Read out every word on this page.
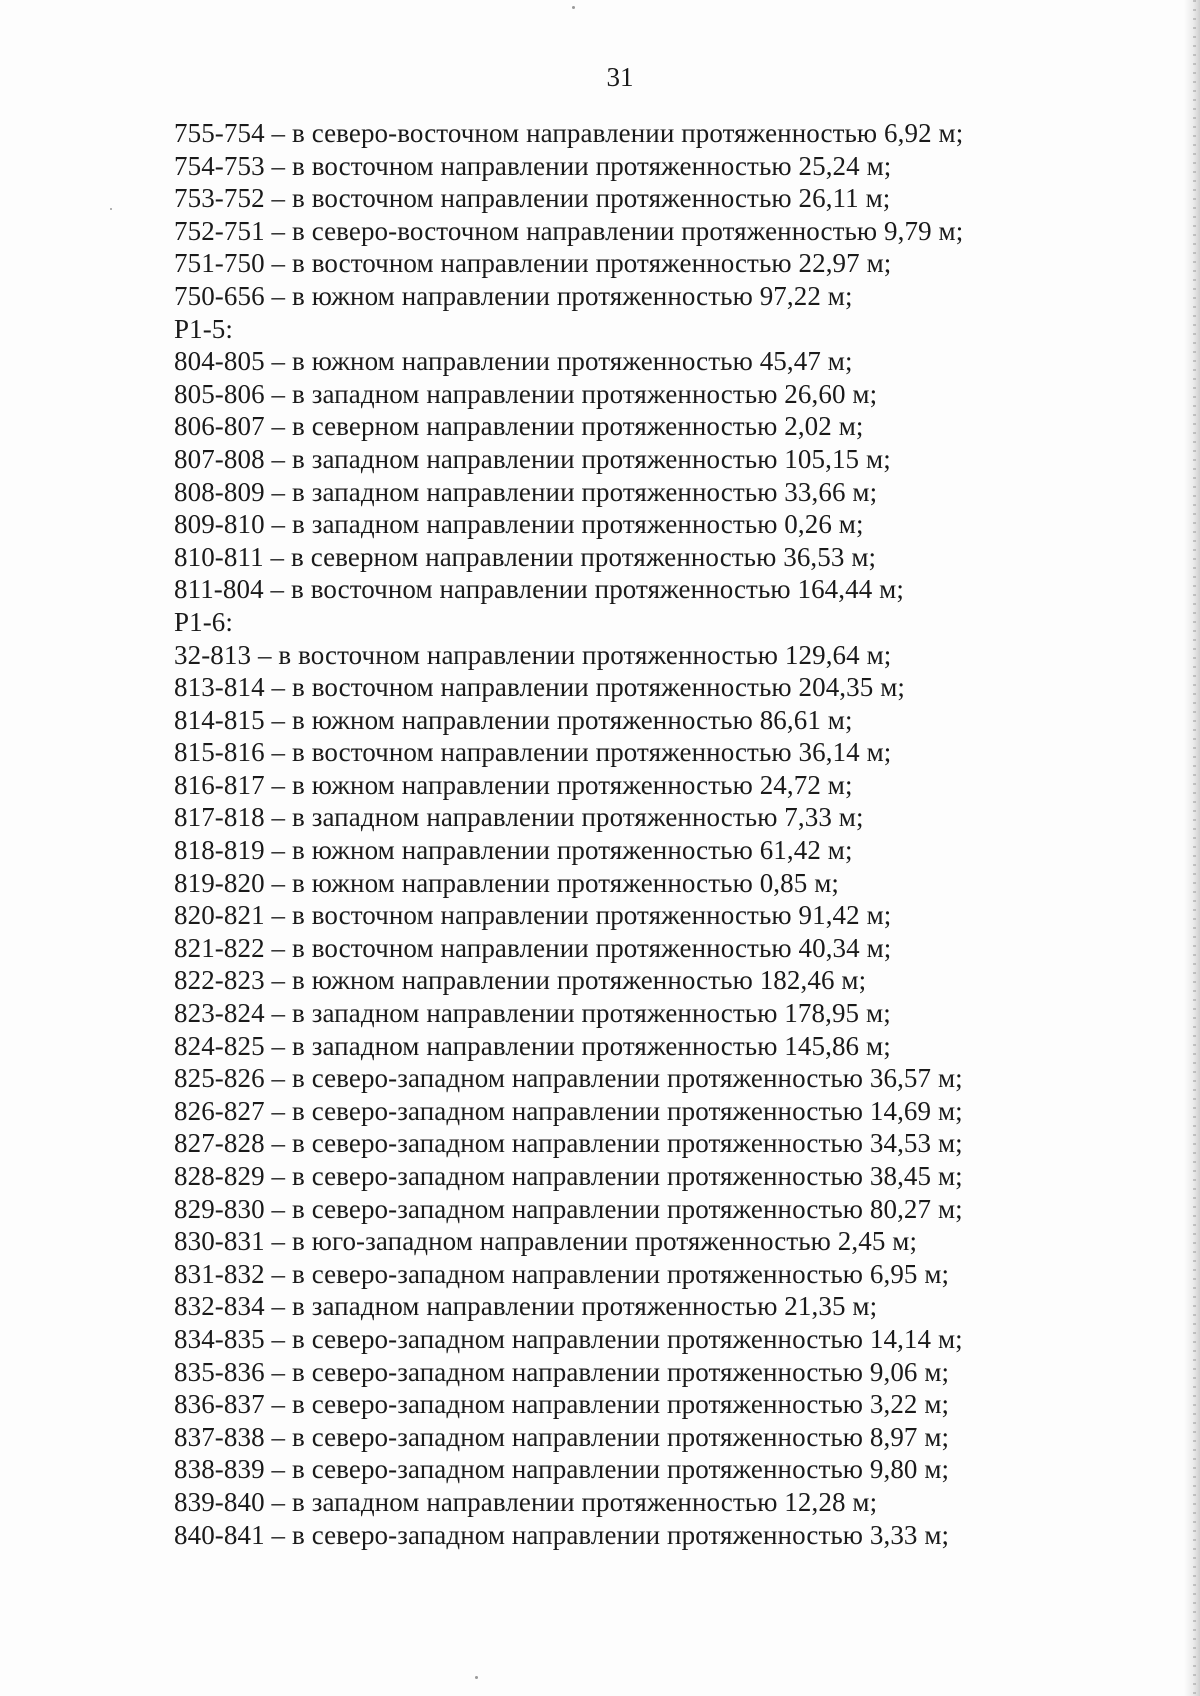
31
755-754 – в северо-восточном направлении протяженностью 6,92 м;
754-753 – в восточном направлении протяженностью 25,24 м;
753-752 – в восточном направлении протяженностью 26,11 м;
752-751 – в северо-восточном направлении протяженностью 9,79 м;
751-750 – в восточном направлении протяженностью 22,97 м;
750-656 – в южном направлении протяженностью 97,22 м;
Р1-5:
804-805 – в южном направлении протяженностью 45,47 м;
805-806 – в западном направлении протяженностью 26,60 м;
806-807 – в северном направлении протяженностью 2,02 м;
807-808 – в западном направлении протяженностью 105,15 м;
808-809 – в западном направлении протяженностью 33,66 м;
809-810 – в западном направлении протяженностью 0,26 м;
810-811 – в северном направлении протяженностью 36,53 м;
811-804 – в восточном направлении протяженностью 164,44 м;
Р1-6:
32-813 – в восточном направлении протяженностью 129,64 м;
813-814 – в восточном направлении протяженностью 204,35 м;
814-815 – в южном направлении протяженностью 86,61 м;
815-816 – в восточном направлении протяженностью 36,14 м;
816-817 – в южном направлении протяженностью 24,72 м;
817-818 – в западном направлении протяженностью 7,33 м;
818-819 – в южном направлении протяженностью 61,42 м;
819-820 – в южном направлении протяженностью 0,85 м;
820-821 – в восточном направлении протяженностью 91,42 м;
821-822 – в восточном направлении протяженностью 40,34 м;
822-823 – в южном направлении протяженностью 182,46 м;
823-824 – в западном направлении протяженностью 178,95 м;
824-825 – в западном направлении протяженностью 145,86 м;
825-826 – в северо-западном направлении протяженностью 36,57 м;
826-827 – в северо-западном направлении протяженностью 14,69 м;
827-828 – в северо-западном направлении протяженностью 34,53 м;
828-829 – в северо-западном направлении протяженностью 38,45 м;
829-830 – в северо-западном направлении протяженностью 80,27 м;
830-831 – в юго-западном направлении протяженностью 2,45 м;
831-832 – в северо-западном направлении протяженностью 6,95 м;
832-834 – в западном направлении протяженностью 21,35 м;
834-835 – в северо-западном направлении протяженностью 14,14 м;
835-836 – в северо-западном направлении протяженностью 9,06 м;
836-837 – в северо-западном направлении протяженностью 3,22 м;
837-838 – в северо-западном направлении протяженностью 8,97 м;
838-839 – в северо-западном направлении протяженностью 9,80 м;
839-840 – в западном направлении протяженностью 12,28 м;
840-841 – в северо-западном направлении протяженностью 3,33 м;
